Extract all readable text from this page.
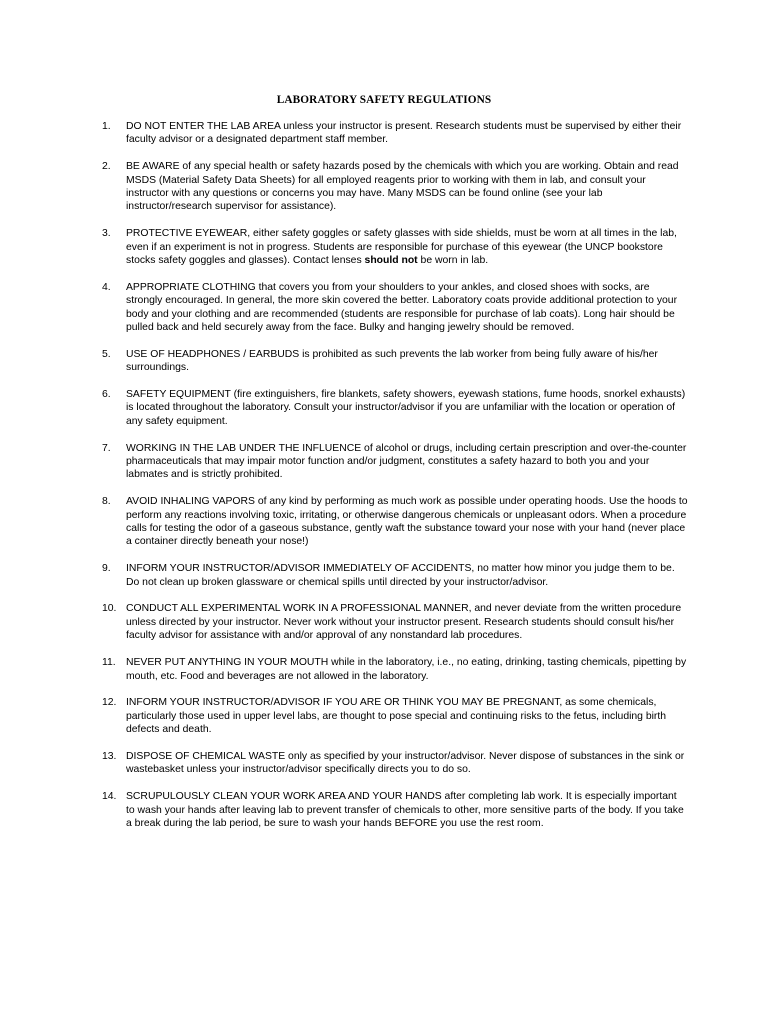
LABORATORY SAFETY REGULATIONS
1. DO NOT ENTER THE LAB AREA unless your instructor is present. Research students must be supervised by either their faculty advisor or a designated department staff member.
2. BE AWARE of any special health or safety hazards posed by the chemicals with which you are working. Obtain and read MSDS (Material Safety Data Sheets) for all employed reagents prior to working with them in lab, and consult your instructor with any questions or concerns you may have. Many MSDS can be found online (see your lab instructor/research supervisor for assistance).
3. PROTECTIVE EYEWEAR, either safety goggles or safety glasses with side shields, must be worn at all times in the lab, even if an experiment is not in progress. Students are responsible for purchase of this eyewear (the UNCP bookstore stocks safety goggles and glasses). Contact lenses should not be worn in lab.
4. APPROPRIATE CLOTHING that covers you from your shoulders to your ankles, and closed shoes with socks, are strongly encouraged. In general, the more skin covered the better. Laboratory coats provide additional protection to your body and your clothing and are recommended (students are responsible for purchase of lab coats). Long hair should be pulled back and held securely away from the face. Bulky and hanging jewelry should be removed.
5. USE OF HEADPHONES / EARBUDS is prohibited as such prevents the lab worker from being fully aware of his/her surroundings.
6. SAFETY EQUIPMENT (fire extinguishers, fire blankets, safety showers, eyewash stations, fume hoods, snorkel exhausts) is located throughout the laboratory. Consult your instructor/advisor if you are unfamiliar with the location or operation of any safety equipment.
7. WORKING IN THE LAB UNDER THE INFLUENCE of alcohol or drugs, including certain prescription and over-the-counter pharmaceuticals that may impair motor function and/or judgment, constitutes a safety hazard to both you and your labmates and is strictly prohibited.
8. AVOID INHALING VAPORS of any kind by performing as much work as possible under operating hoods. Use the hoods to perform any reactions involving toxic, irritating, or otherwise dangerous chemicals or unpleasant odors. When a procedure calls for testing the odor of a gaseous substance, gently waft the substance toward your nose with your hand (never place a container directly beneath your nose!)
9. INFORM YOUR INSTRUCTOR/ADVISOR IMMEDIATELY OF ACCIDENTS, no matter how minor you judge them to be. Do not clean up broken glassware or chemical spills until directed by your instructor/advisor.
10. CONDUCT ALL EXPERIMENTAL WORK IN A PROFESSIONAL MANNER, and never deviate from the written procedure unless directed by your instructor. Never work without your instructor present. Research students should consult his/her faculty advisor for assistance with and/or approval of any nonstandard lab procedures.
11. NEVER PUT ANYTHING IN YOUR MOUTH while in the laboratory, i.e., no eating, drinking, tasting chemicals, pipetting by mouth, etc. Food and beverages are not allowed in the laboratory.
12. INFORM YOUR INSTRUCTOR/ADVISOR IF YOU ARE OR THINK YOU MAY BE PREGNANT, as some chemicals, particularly those used in upper level labs, are thought to pose special and continuing risks to the fetus, including birth defects and death.
13. DISPOSE OF CHEMICAL WASTE only as specified by your instructor/advisor. Never dispose of substances in the sink or wastebasket unless your instructor/advisor specifically directs you to do so.
14. SCRUPULOUSLY CLEAN YOUR WORK AREA AND YOUR HANDS after completing lab work. It is especially important to wash your hands after leaving lab to prevent transfer of chemicals to other, more sensitive parts of the body. If you take a break during the lab period, be sure to wash your hands BEFORE you use the rest room.
